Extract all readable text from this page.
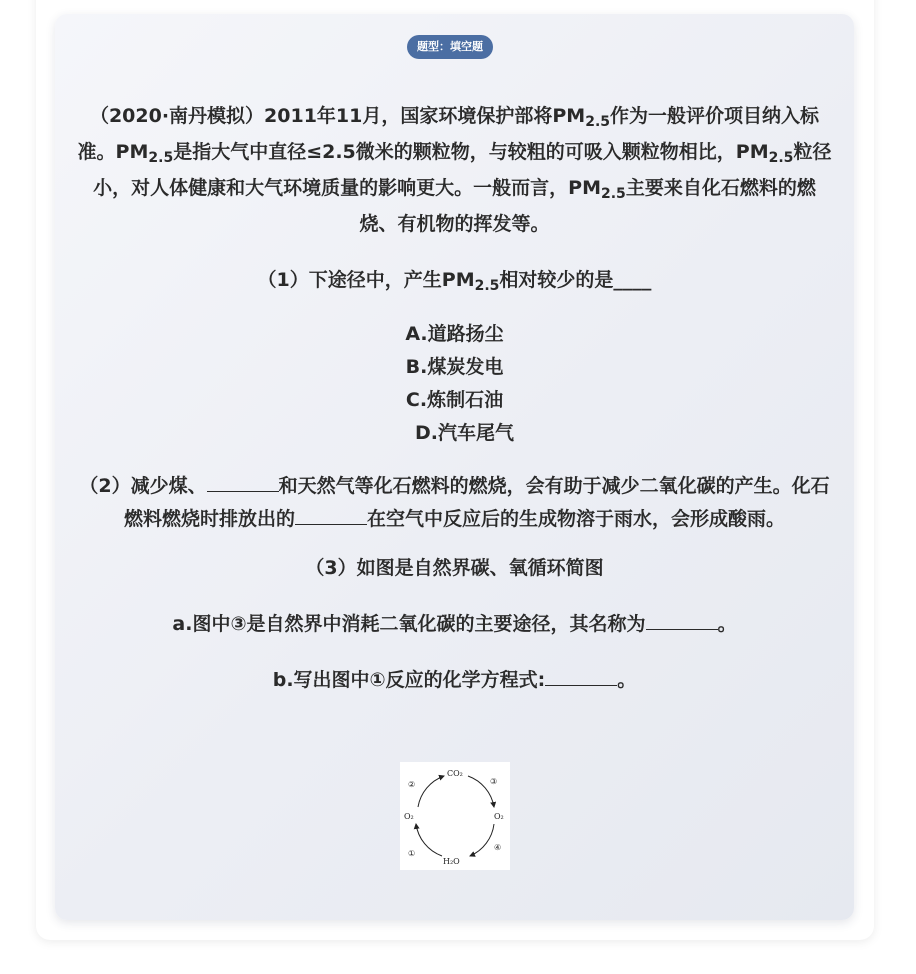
题型：填空题

（2020·南丹模拟）2011年11月，国家环境保护部将$PM_{2.5}$作为一般评价项目纳入标准。$PM_{2.5}$是指大气中直径≤2.5微米的颗粒物，与较粗的可吸入颗粒物相比，$PM_{2.5}$粒径小，对人体健康和大气环境质量的影响更大。一般而言，$PM_{2.5}$主要来自化石燃料的燃烧、有机物的挥发等。

（1）下途径中，产生$PM_{2.5}$相对较少的是____

A.道路扬尘
B.煤炭发电
C.炼制石油
D.汽车尾气

（2）减少煤、	和天然气等化石燃料的燃烧，会有助于减少二氧化碳的产生。化石燃料燃烧时排放出的	在空气中反应后的生成物溶于雨水，会形成酸雨。

（3）如图是自然界碳、氧循环简图

a.图中③是自然界中消耗二氧化碳的主要途径，其名称为	。

b.写出图中①反应的化学方程式:	。

CO₂
O₂	O₂
H₂O
①
②	③
④
